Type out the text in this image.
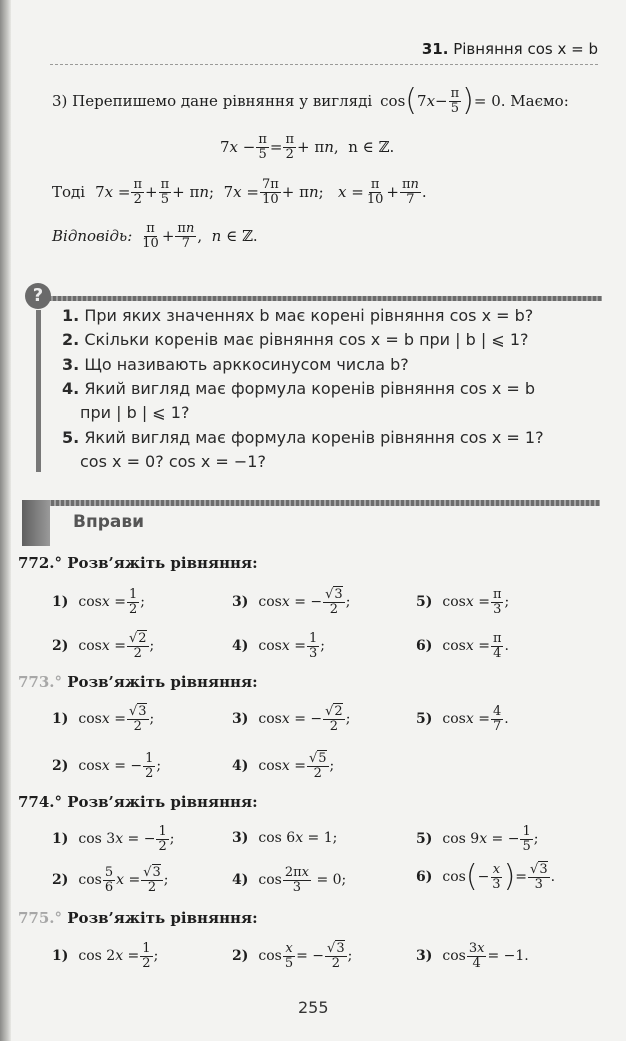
31. Рівняння cos x = b
3) Перепишемо дане рівняння у вигляді cos ( $7x- \frac{\pi}{5}$ ) = 0. Маємо:
$7x - \frac{\pi}{5} = \frac{\pi}{2} + \pi n$, n ∈ ℤ.
Тоді $7x = \frac{\pi}{2} + \frac{\pi}{5} + \pi n$;  $7x = \frac{7\pi}{10} + \pi n$;   $x = \frac{\pi}{10} + \frac{\pi n}{7}$ .
Відповідь: $\frac{\pi}{10} + \frac{\pi n}{7}$ ,  n ∈ ℤ.
?
1. При яких значеннях b має корені рівняння cos x = b?
2. Скільки коренів має рівняння cos x = b при | b | ⩽ 1?
3. Що називають арккосинусом числа b?
4. Який вигляд має формула коренів рівняння cos x = b
при | b | ⩽ 1?
5. Який вигляд має формула коренів рівняння cos x = 1?
cos x = 0? cos x = −1?
Вправи
772.° Розв’яжіть рівняння:
1) $\cos x = \frac{1}{2}$ ;	3) cos x = − $\frac{√3}{2}$ ;	5) $\cos x = \frac{\pi}{3}$ ;
2) $\cos x = \frac{√2}{2}$ ;	4) $\cos x = \frac{1}{3}$ ;	6) $\cos x = \frac{\pi}{4}$ .
773.° Розв’яжіть рівняння:
1) $\cos x = \frac{√3}{2}$ ;	3) cos x = − $\frac{√2}{2}$ ;	5) $\cos x = \frac{4}{7}$ .
2) cos x = − $\frac{1}{2}$ ;	4) $\cos x = \frac{√5}{2}$ ;
774.° Розв’яжіть рівняння:
1) cos 3 x = − $\frac{1}{2}$ ;	3) cos 6 x = 1;	5) cos 9 x = − $\frac{1}{5}$ ;
2) $\cos \frac{5}{6}$ $x = \frac{√3}{2}$ ;	4) $\cos \frac{2\pi x}{3} = 0$;	6) cos ( − $\frac{x}{3}$ ) = $\frac{√3}{3}$ .
775.° Розв’яжіть рівняння:
1) cos 2 $x = \frac{1}{2}$ ;	2) $\cos \frac{x}{5}$ = − $\frac{√3}{2}$ ;	3) $\cos \frac{3x}{4} = -1$.
255
